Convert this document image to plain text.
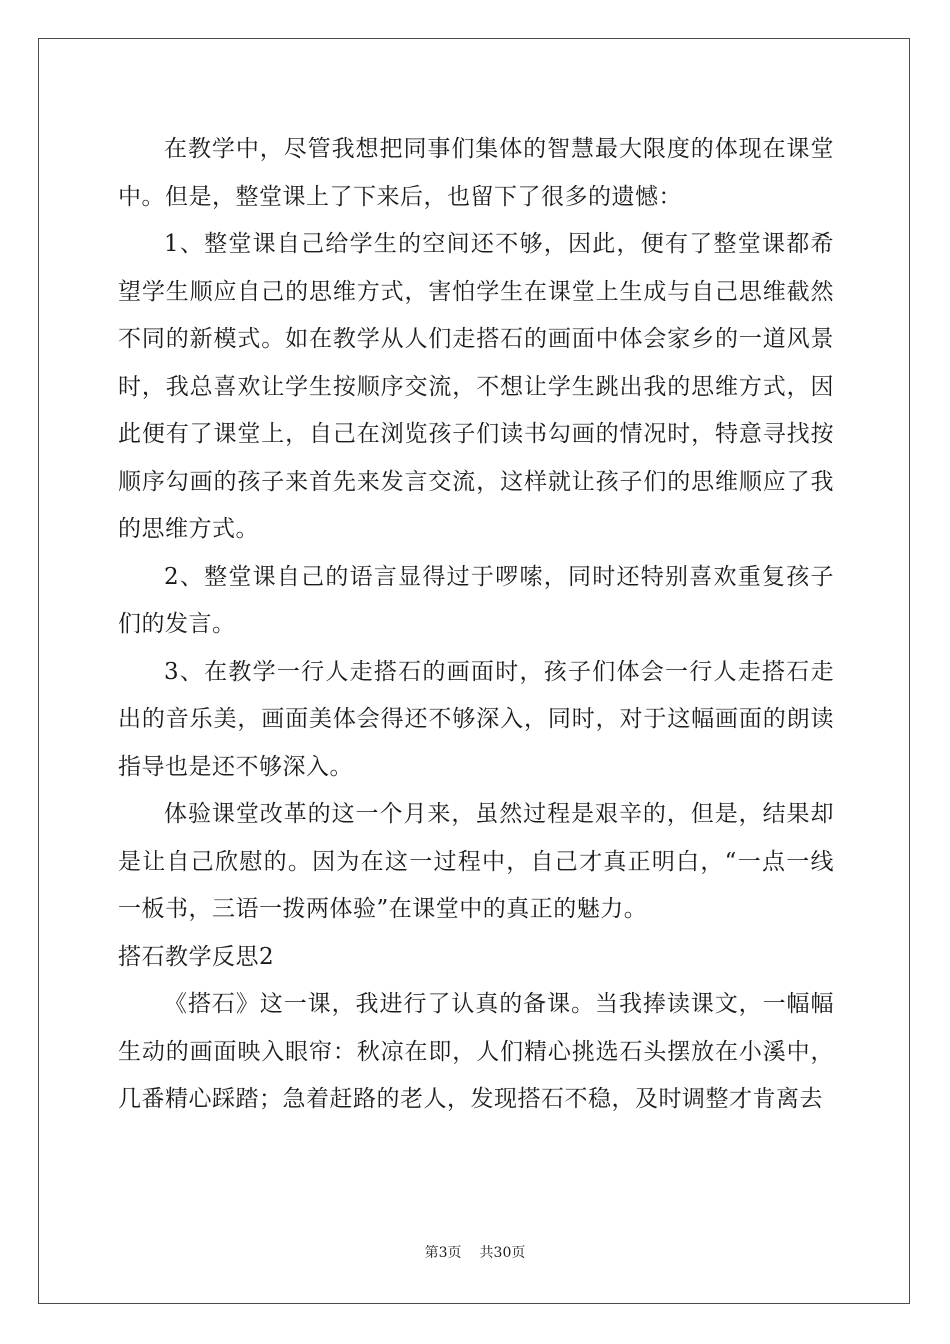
在教学中，尽管我想把同事们集体的智慧最大限度的体现在课堂中。但是，整堂课上了下来后，也留下了很多的遗憾：

1、整堂课自己给学生的空间还不够，因此，便有了整堂课都希望学生顺应自己的思维方式，害怕学生在课堂上生成与自己思维截然不同的新模式。如在教学从人们走搭石的画面中体会家乡的一道风景时，我总喜欢让学生按顺序交流，不想让学生跳出我的思维方式，因此便有了课堂上，自己在浏览孩子们读书勾画的情况时，特意寻找按顺序勾画的孩子来首先来发言交流，这样就让孩子们的思维顺应了我的思维方式。

2、整堂课自己的语言显得过于啰嗦，同时还特别喜欢重复孩子们的发言。

3、在教学一行人走搭石的画面时，孩子们体会一行人走搭石走出的音乐美，画面美体会得还不够深入，同时，对于这幅画面的朗读指导也是还不够深入。

体验课堂改革的这一个月来，虽然过程是艰辛的，但是，结果却是让自己欣慰的。因为在这一过程中，自己才真正明白，“一点一线一板书，三语一拨两体验”在课堂中的真正的魅力。

搭石教学反思2

《搭石》这一课，我进行了认真的备课。当我捧读课文，一幅幅生动的画面映入眼帘：秋凉在即，人们精心挑选石头摆放在小溪中，几番精心踩踏；急着赶路的老人，发现搭石不稳，及时调整才肯离去

第3页 共30页
